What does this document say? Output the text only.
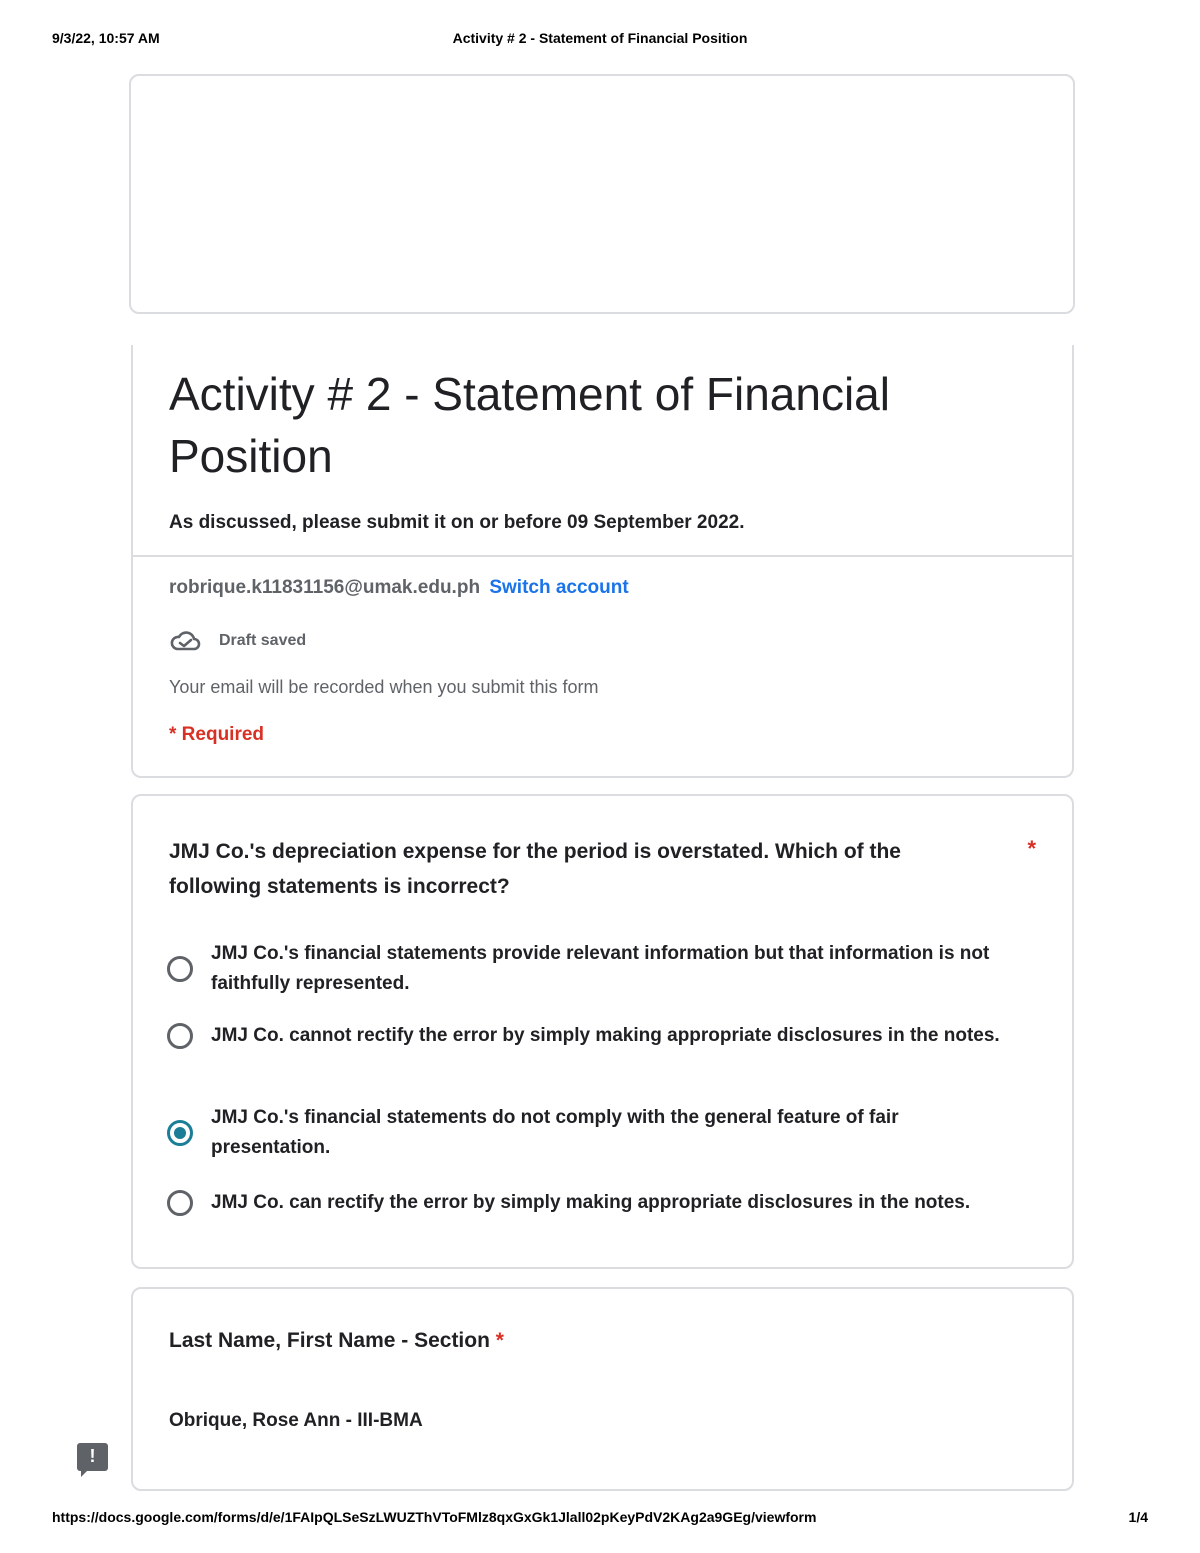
9/3/22, 10:57 AM	Activity # 2 - Statement of Financial Position
Activity # 2 - Statement of Financial Position

As discussed, please submit it on or before 09 September 2022.

robrique.k11831156@umak.edu.ph Switch account
Draft saved
Your email will be recorded when you submit this form
* Required

JMJ Co.'s depreciation expense for the period is overstated. Which of the following statements is incorrect?

*
JMJ Co.'s financial statements provide relevant information but that information is not faithfully represented.
JMJ Co. cannot rectify the error by simply making appropriate disclosures in the notes.
JMJ Co.'s financial statements do not comply with the general feature of fair presentation.
JMJ Co. can rectify the error by simply making appropriate disclosures in the notes.
Last Name, First Name - Section *
Obrique, Rose Ann - III-BMA
!
https://docs.google.com/forms/d/e/1FAIpQLSeSzLWUZThVToFMlz8qxGxGk1Jlall02pKeyPdV2KAg2a9GEg/viewform	1/4
